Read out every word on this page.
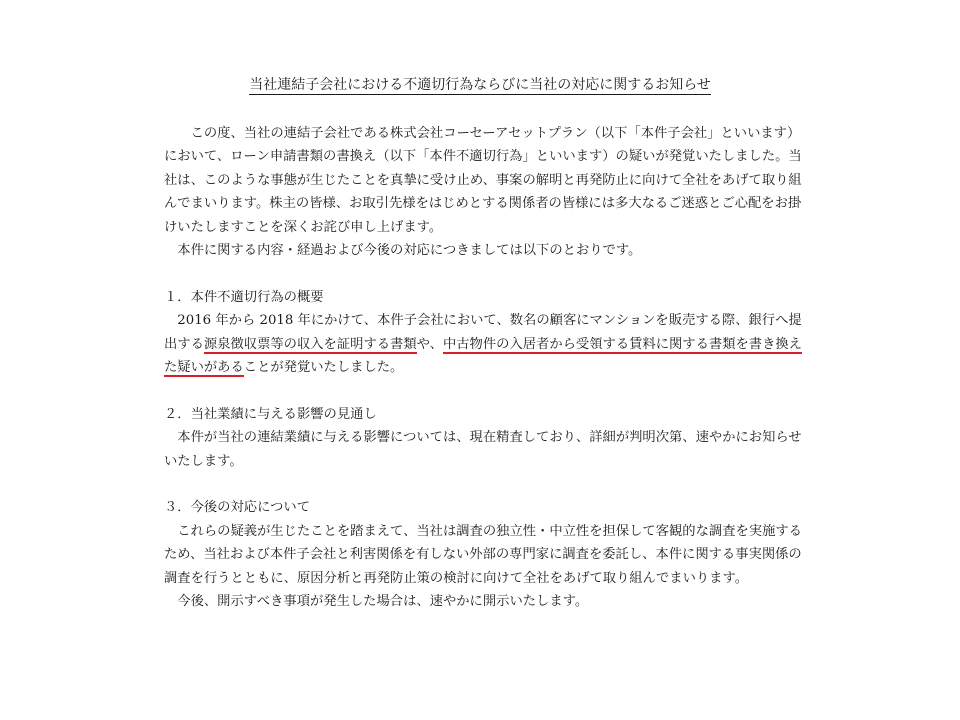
当社連結子会社における不適切行為ならびに当社の対応に関するお知らせ

この度、当社の連結子会社である株式会社コーセーアセットプラン（以下「本件子会社」といいます）において、ローン申請書類の書換え（以下「本件不適切行為」といいます）の疑いが発覚いたしました。当社は、このような事態が生じたことを真摯に受け止め、事案の解明と再発防止に向けて全社をあげて取り組んでまいります。株主の皆様、お取引先様をはじめとする関係者の皆様には多大なるご迷惑とご心配をお掛けいたしますことを深くお詫び申し上げます。

本件に関する内容・経過および今後の対応につきましては以下のとおりです。

１．本件不適切行為の概要

2016 年から 2018 年にかけて、本件子会社において、数名の顧客にマンションを販売する際、銀行へ提出する源泉徴収票等の収入を証明する書類や、中古物件の入居者から受領する賃料に関する書類を書き換えた疑いがあることが発覚いたしました。

２．当社業績に与える影響の見通し

本件が当社の連結業績に与える影響については、現在精査しており、詳細が判明次第、速やかにお知らせいたします。

３．今後の対応について

これらの疑義が生じたことを踏まえて、当社は調査の独立性・中立性を担保して客観的な調査を実施するため、当社および本件子会社と利害関係を有しない外部の専門家に調査を委託し、本件に関する事実関係の調査を行うとともに、原因分析と再発防止策の検討に向けて全社をあげて取り組んでまいります。

今後、開示すべき事項が発生した場合は、速やかに開示いたします。
